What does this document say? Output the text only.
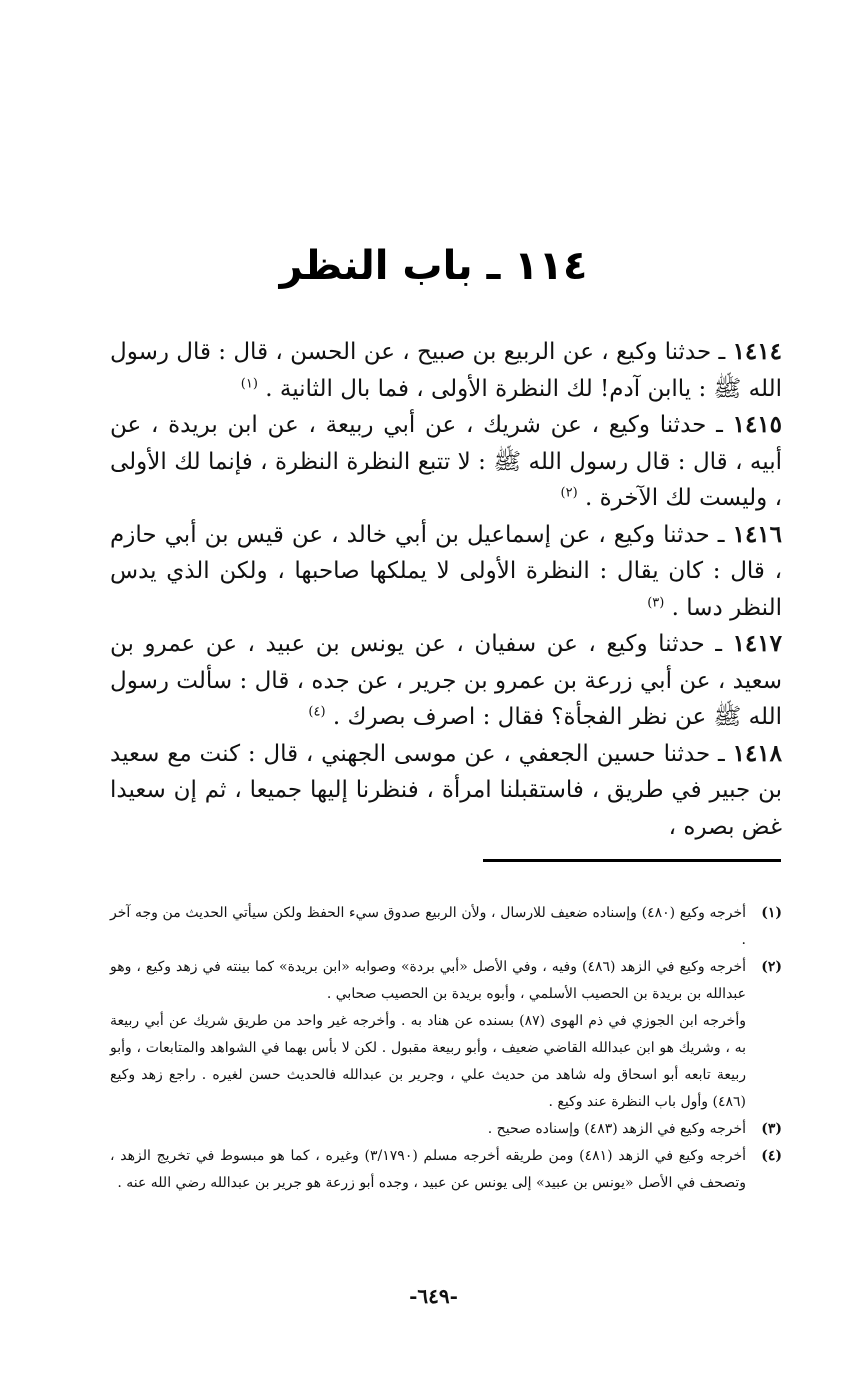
١١٤ ـ باب النظر

١٤١٤ ـ حدثنا وكيع ، عن الربيع بن صبيح ، عن الحسن ، قال : قال رسول الله ﷺ : ياابن آدم! لك النظرة الأولى ، فما بال الثانية . $^{(١)}$

١٤١٥ ـ حدثنا وكيع ، عن شريك ، عن أبي ربيعة ، عن ابن بريدة ، عن أبيه ، قال : قال رسول الله ﷺ : لا تتبع النظرة النظرة ، فإنما لك الأولى ، وليست لك الآخرة . $^{(٢)}$

١٤١٦ ـ حدثنا وكيع ، عن إسماعيل بن أبي خالد ، عن قيس بن أبي حازم ، قال : كان يقال : النظرة الأولى لا يملكها صاحبها ، ولكن الذي يدس النظر دسا . $^{(٣)}$

١٤١٧ ـ حدثنا وكيع ، عن سفيان ، عن يونس بن عبيد ، عن عمرو بن سعيد ، عن أبي زرعة بن عمرو بن جرير ، عن جده ، قال : سألت رسول الله ﷺ عن نظر الفجأة؟ فقال : اصرف بصرك . $^{(٤)}$

١٤١٨ ـ حدثنا حسين الجعفي ، عن موسى الجهني ، قال : كنت مع سعيد بن جبير في طريق ، فاستقبلنا امرأة ، فنظرنا إليها جميعا ، ثم إن سعيدا غض بصره ،

(١)
أخرجه وكيع (٤٨٠) وإسناده ضعيف للارسال ، ولأن الربيع صدوق سيء الحفظ ولكن سيأتي الحديث من وجه آخر .
(٢)
أخرجه وكيع في الزهد (٤٨٦) وفيه ، وفي الأصل «أبي بردة» وصوابه «ابن بريدة» كما بينته في زهد وكيع ، وهو عبدالله بن بريدة بن الحصيب الأسلمي ، وأبوه بريدة بن الحصيب صحابي .
وأخرجه ابن الجوزي في ذم الهوى (٨٧) بسنده عن هناد به . وأخرجه غير واحد من طريق شريك عن أبي ربيعة به ، وشريك هو ابن عبدالله القاضي ضعيف ، وأبو ربيعة مقبول . لكن لا بأس بهما في الشواهد والمتابعات ، وأبو ربيعة تابعه أبو اسحاق وله شاهد من حديث علي ، وجرير بن عبدالله فالحديث حسن لغيره . راجع زهد وكيع (٤٨٦) وأول باب النظرة عند وكيع .
(٣)
أخرجه وكيع في الزهد (٤٨٣) وإسناده صحيح .
(٤)
أخرجه وكيع في الزهد (٤٨١) ومن طريقه أخرجه مسلم (٣/١٧٩٠) وغيره ، كما هو مبسوط في تخريج الزهد ، وتصحف في الأصل «يونس بن عبيد» إلى يونس عن عبيد ، وجده أبو زرعة هو جرير بن عبدالله رضي الله عنه .
-٦٤٩-
